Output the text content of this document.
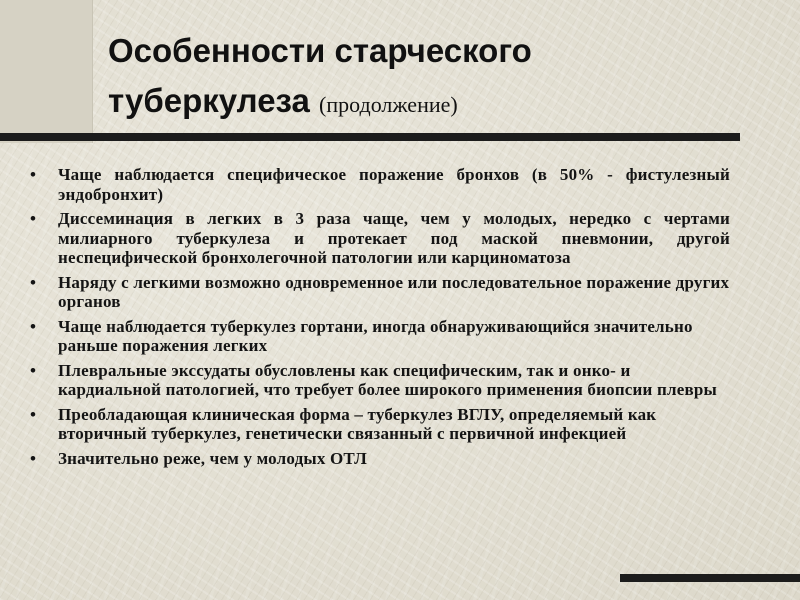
Особенности старческого
туберкулеза (продолжение)
• Чаще наблюдается специфическое поражение бронхов (в 50% - фистулезный эндобронхит)
• Диссеминация в легких в 3 раза чаще, чем у молодых, нередко с чертами милиарного туберкулеза и протекает под маской пневмонии, другой неспецифической бронхолегочной патологии или карциноматоза
• Наряду с легкими возможно одновременное или последовательное поражение других органов
• Чаще наблюдается туберкулез гортани, иногда обнаруживающийся значительно раньше поражения легких
• Плевральные экссудаты обусловлены как специфическим, так и онко- и кардиальной патологией, что требует более широкого применения биопсии плевры
• Преобладающая клиническая форма – туберкулез ВГЛУ, определяемый как вторичный туберкулез, генетически связанный с первичной инфекцией
• Значительно реже, чем у молодых ОТЛ
